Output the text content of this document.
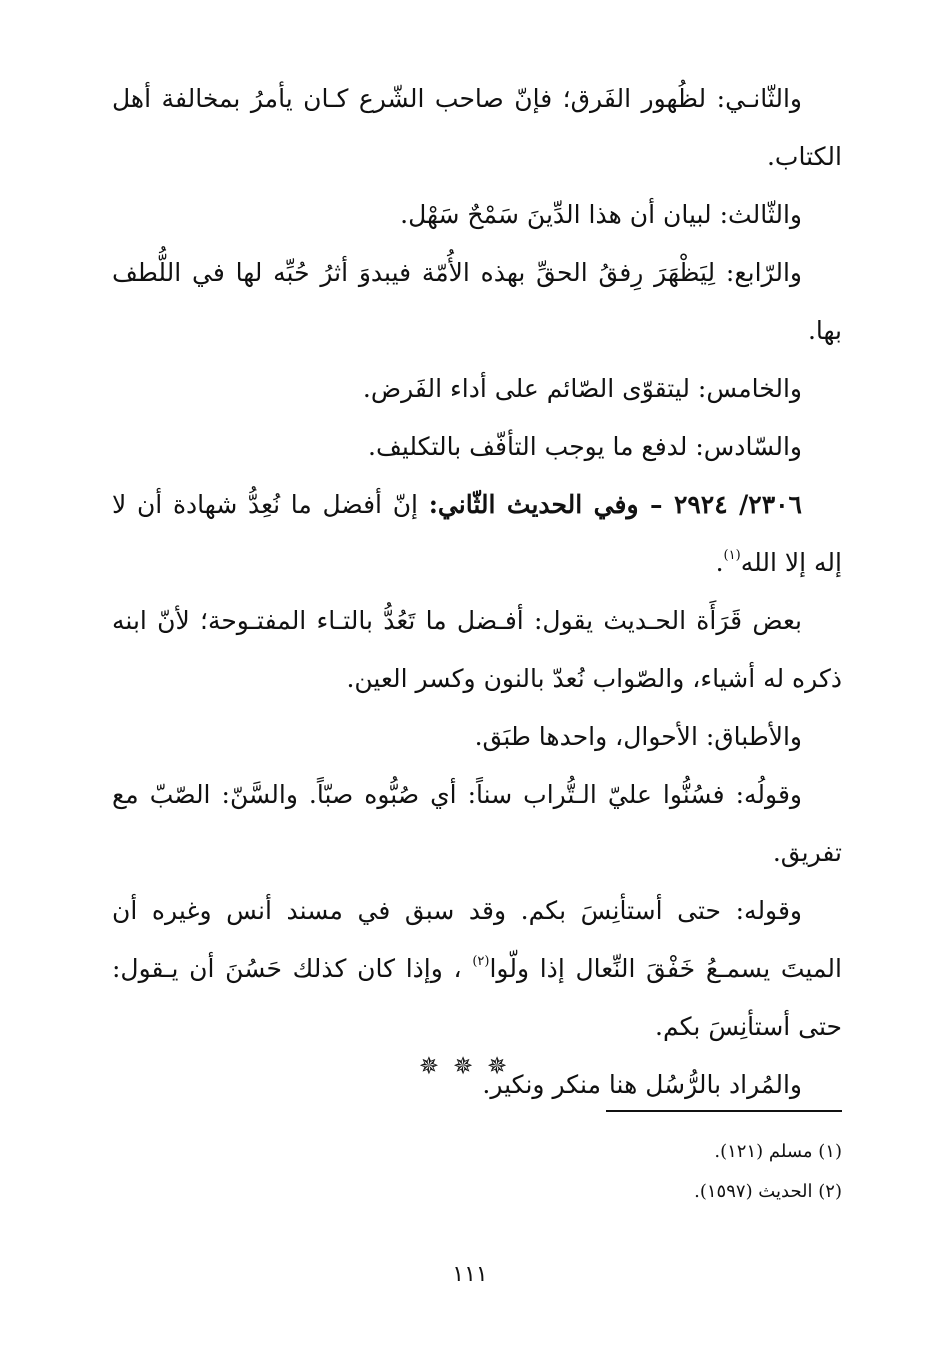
والثّانـي: لظُهور الفَرق؛ فإنّ صاحب الشّرع كـان يأمرُ بمخالفة أهل الكتاب.

والثّالث: لبيان أن هذا الدِّينَ سَمْحٌ سَهْل.

والرّابع: لِيَظْهَرَ رِفقُ الحقِّ بهذه الأُمّة فيبدوَ أثرُ حُبِّه لها في اللُّطف بها.

والخامس: ليتقوّى الصّائم على أداء الفَرض.

والسّادس: لدفع ما يوجب التأفّف بالتكليف.

٢٣٠٦/ ٢٩٢٤ – وفي الحديث الثّاني: إنّ أفضل ما نُعِدُّ شهادة أن لا إله إلا الله$^{(١)}$.

بعض قَرَأَة الحـديث يقول: أفـضل ما تَعُدُّ بالتـاء المفتـوحة؛ لأنّ ابنه ذكره له أشياء، والصّواب نُعدّ بالنون وكسر العين.

والأطباق: الأحوال، واحدها طبَق.

وقولُه: فسُنُّوا عليّ الـتُّراب سناً: أي صُبُّوه صبّاً. والسَّنّ: الصّبّ مع تفريق.

وقوله: حتى أستأنِسَ بكم. وقد سبق في مسند أنس وغيره أن الميتَ يسمـعُ خَفْقَ النِّعال إذا ولّوا$^{(٢)}$ ، وإذا كان كذلك حَسُنَ أن يـقول: حتى أستأنِسَ بكم.

والمُراد بالرُّسُل هنا منكر ونكير.

✵✵✵

(١) مسلم (١٢١).

(٢) الحديث (١٥٩٧).

١١١
